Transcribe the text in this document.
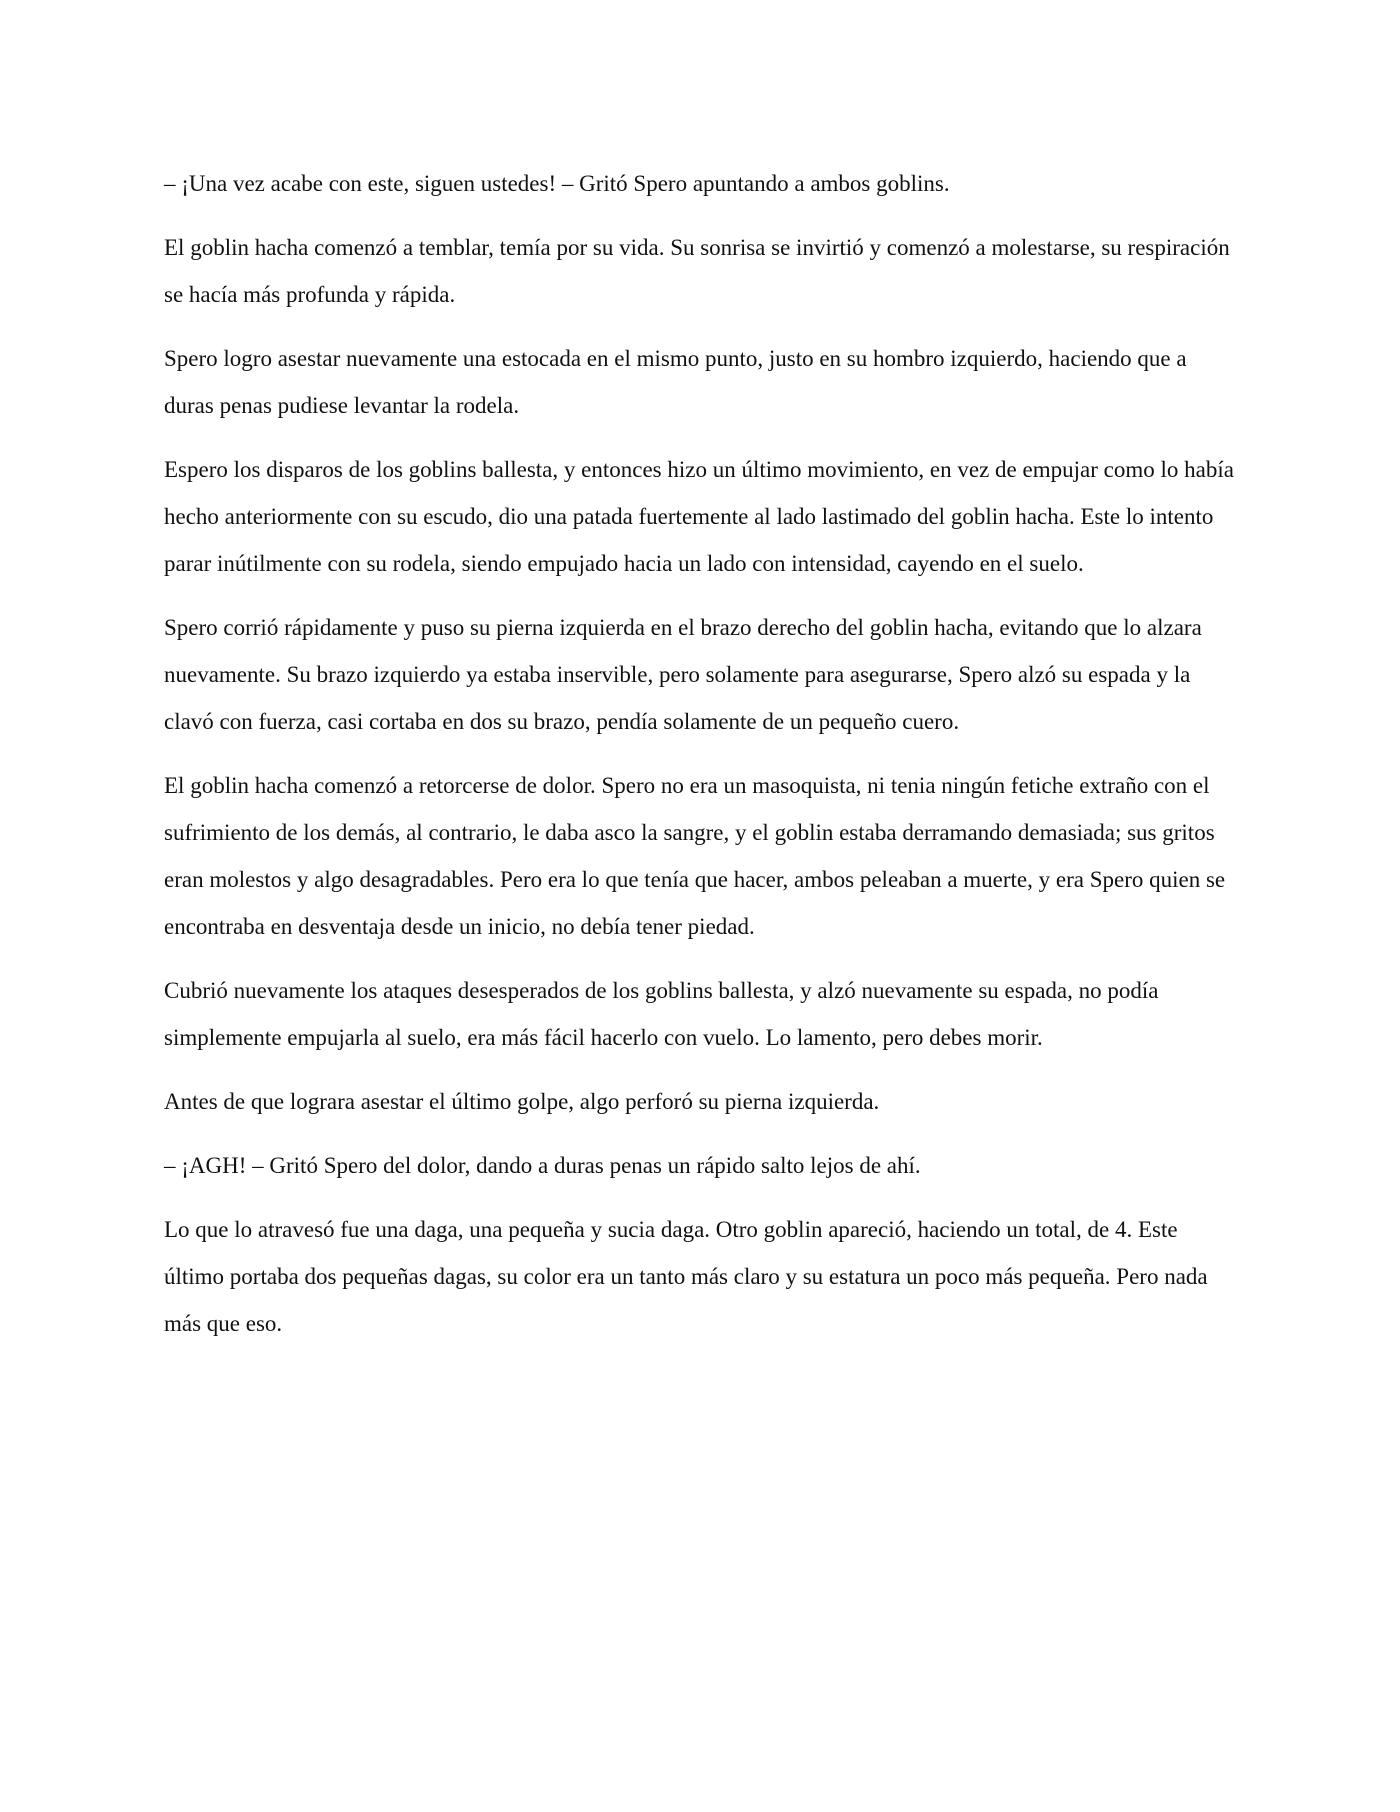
– ¡Una vez acabe con este, siguen ustedes! – Gritó Spero apuntando a ambos goblins.

El goblin hacha comenzó a temblar, temía por su vida. Su sonrisa se invirtió y comenzó a molestarse, su respiración se hacía más profunda y rápida.

Spero logro asestar nuevamente una estocada en el mismo punto, justo en su hombro izquierdo, haciendo que a duras penas pudiese levantar la rodela.

Espero los disparos de los goblins ballesta, y entonces hizo un último movimiento, en vez de empujar como lo había hecho anteriormente con su escudo, dio una patada fuertemente al lado lastimado del goblin hacha. Este lo intento parar inútilmente con su rodela, siendo empujado hacia un lado con intensidad, cayendo en el suelo.

Spero corrió rápidamente y puso su pierna izquierda en el brazo derecho del goblin hacha, evitando que lo alzara nuevamente. Su brazo izquierdo ya estaba inservible, pero solamente para asegurarse, Spero alzó su espada y la clavó con fuerza, casi cortaba en dos su brazo, pendía solamente de un pequeño cuero.

El goblin hacha comenzó a retorcerse de dolor. Spero no era un masoquista, ni tenia ningún fetiche extraño con el sufrimiento de los demás, al contrario, le daba asco la sangre, y el goblin estaba derramando demasiada; sus gritos eran molestos y algo desagradables. Pero era lo que tenía que hacer, ambos peleaban a muerte, y era Spero quien se encontraba en desventaja desde un inicio, no debía tener piedad.

Cubrió nuevamente los ataques desesperados de los goblins ballesta, y alzó nuevamente su espada, no podía simplemente empujarla al suelo, era más fácil hacerlo con vuelo. Lo lamento, pero debes morir.

Antes de que lograra asestar el último golpe, algo perforó su pierna izquierda.

– ¡AGH! – Gritó Spero del dolor, dando a duras penas un rápido salto lejos de ahí.

Lo que lo atravesó fue una daga, una pequeña y sucia daga. Otro goblin apareció, haciendo un total, de 4. Este último portaba dos pequeñas dagas, su color era un tanto más claro y su estatura un poco más pequeña. Pero nada más que eso.
